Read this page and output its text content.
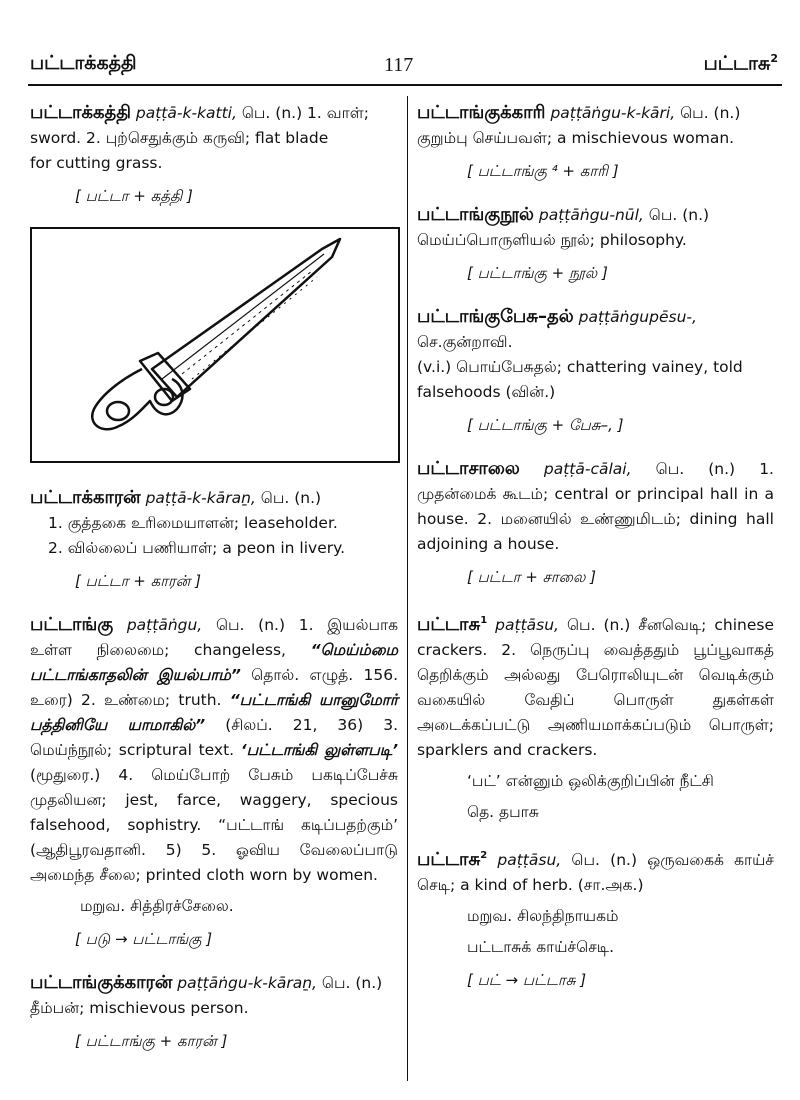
பட்டாக்கத்தி	117	பட்டாசு$^2$
பட்டாக்கத்தி paṭṭā-k-katti, பெ. (n.) 1. வாள்;
sword. 2. புற்செதுக்கும் கருவி; flat blade
for cutting grass.
[ பட்டா + கத்தி ]
பட்டாக்காரன் paṭṭā-k-kāraṉ, பெ. (n.)
1. குத்தகை உரிமையாளன்; leaseholder.
2. வில்லைப் பணியாள்; a peon in livery.
[ பட்டா + காரன் ]
பட்டாங்கு paṭṭāṅgu, பெ. (n.) 1. இயல்பாக உள்ள நிலைமை; changeless, “மெய்ம்மை பட்டாங்காதலின் இயல்பாம்” தொல். எழுத். 156. உரை) 2. உண்மை; truth. “பட்டாங்கி யானுமோர் பத்தினியே யாமாகில்” (சிலப். 21, 36) 3. மெய்ந்நூல்; scriptural text. ‘பட்டாங்கி லுள்ளபடி’ (மூதுரை.) 4. மெய்போற் பேசும் பகடிப்பேச்சு முதலியன; jest, farce, waggery, specious falsehood, sophistry. “பட்டாங் கடிப்பதற்கும்’ (ஆதிபூரவதானி. 5) 5. ஓவிய வேலைப்பாடு அமைந்த சீலை; printed cloth worn by women.
மறுவ. சித்திரச்சேலை.
[ படு → பட்டாங்கு ]
பட்டாங்குக்காரன் paṭṭāṅgu-k-kāraṉ, பெ. (n.)
தீம்பன்; mischievous person.
[ பட்டாங்கு + காரன் ]
பட்டாங்குக்காரி paṭṭāṅgu-k-kāri, பெ. (n.)
குறும்பு செய்பவள்; a mischievous woman.
[ பட்டாங்கு ⁴ + காரி ]
பட்டாங்குநூல் paṭṭāṅgu-nūl, பெ. (n.)
மெய்ப்பொருளியல் நூல்; philosophy.
[ பட்டாங்கு + நூல் ]
பட்டாங்குபேசு–தல் paṭṭāṅgupēsu-, செ.குன்றாவி.
(v.i.) பொய்பேசுதல்; chattering vainey, told
falsehoods (வின்.)
[ பட்டாங்கு + பேசு–, ]
பட்டாசாலை paṭṭā-cālai, பெ. (n.) 1. முதன்மைக் கூடம்; central or principal hall in a house. 2. மனையில் உண்ணுமிடம்; dining hall adjoining a house.
[ பட்டா + சாலை ]
பட்டாசு$^1$ paṭṭāsu, பெ. (n.) சீனவெடி; chinese crackers. 2. நெருப்பு வைத்ததும் பூப்பூவாகத் தெறிக்கும் அல்லது பேரொலியுடன் வெடிக்கும் வகையில் வேதிப் பொருள் துகள்கள் அடைக்கப்பட்டு அணியமாக்கப்படும் பொருள்; sparklers and crackers.
‘பட்’ என்னும் ஒலிக்குறிப்பின் நீட்சி
தெ. தபாசு
பட்டாசு$^2$ paṭṭāsu, பெ. (n.) ஒருவகைக் காய்ச் செடி; a kind of herb. (சா.அக.)
மறுவ. சிலந்திநாயகம்
பட்டாசுக் காய்ச்செடி.
[ பட் → பட்டாசு ]
